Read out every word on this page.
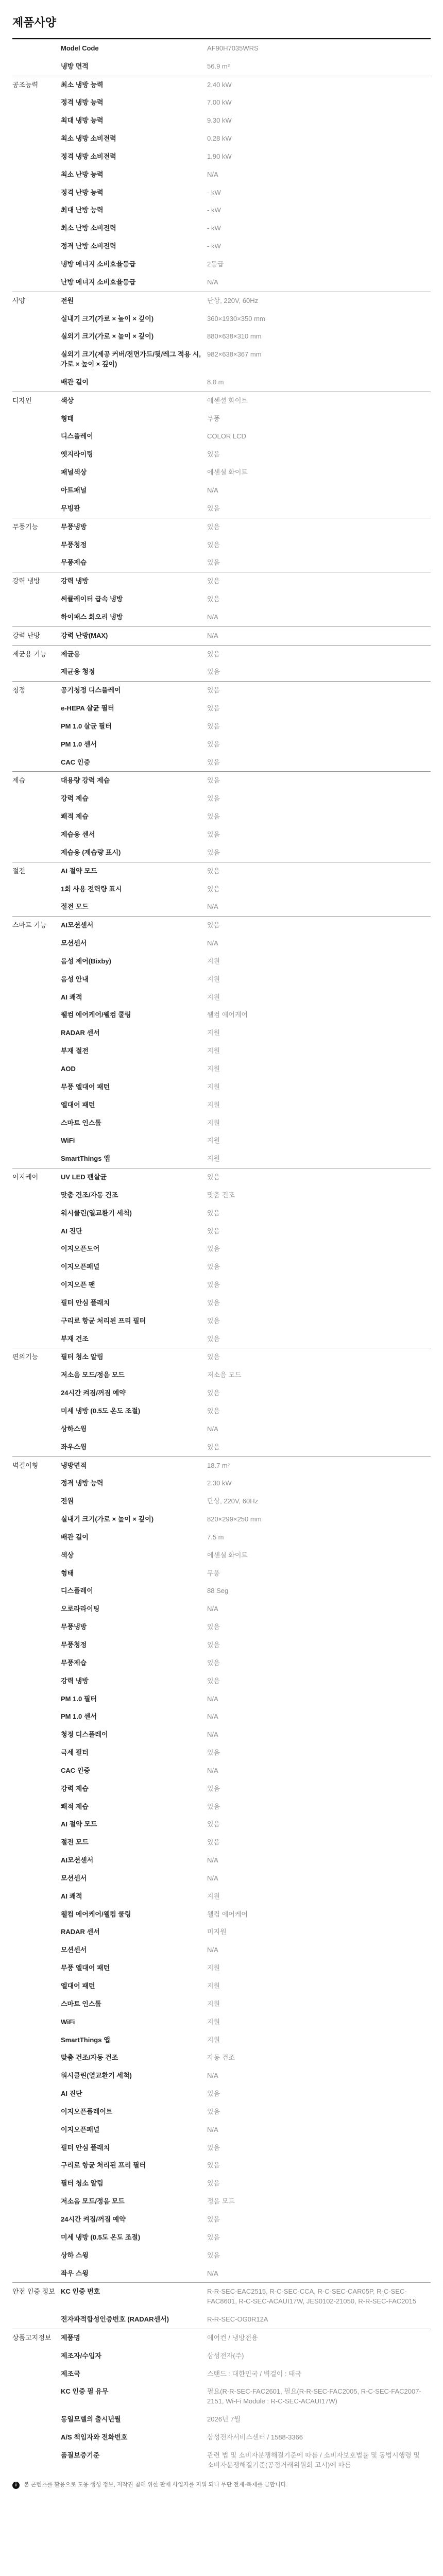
제품사양
	Model Code	AF90H7035WRS

	냉방 면적	56.9 m²

공조능력	최소 냉방 능력	2.40 kW

	정격 냉방 능력	7.00 kW

	최대 냉방 능력	9.30 kW

	최소 냉방 소비전력	0.28 kW

	정격 냉방 소비전력	1.90 kW

	최소 난방 능력	N/A

	정격 난방 능력	- kW

	최대 난방 능력	- kW

	최소 난방 소비전력	- kW

	정격 난방 소비전력	- kW

	냉방 에너지 소비효율등급	2등급

	난방 에너지 소비효율등급	N/A

사양	전원	단상, 220V, 60Hz

	실내기 크기(가로 × 높이 × 깊이)	360×1930×350 mm

	실외기 크기(가로 × 높이 × 깊이)	880×638×310 mm

	실외기 크기(제공 커버/전면가드/뒷/레그 적용 시, 가로 × 높이 × 깊이)	982×638×367 mm

	배관 길이	8.0 m

디자인	색상	에센셜 화이트

	형태	무풍

	디스플레이	COLOR LCD

	엣지라이팅	있음

	패널색상	에센셜 화이트

	아트패널	N/A

	무빙판	있음

무풍기능	무풍냉방	있음

	무풍청정	있음

	무풍제습	있음

강력 냉방	강력 냉방	있음

	써큘레이터 급속 냉방	있음

	하이패스 회오리 냉방	N/A

강력 난방	강력 난방(MAX)	N/A

제균용 기능	제균용	있음

	제균용 청정	있음

청정	공기청정 디스플레이	있음

	e-HEPA 살균 필터	있음

	PM 1.0 살균 필터	있음

	PM 1.0 센서	있음

	CAC 인증	있음

제습	대용량 강력 제습	있음

	강력 제습	있음

	쾌적 제습	있음

	제습용 센서	있음

	제습용 (제습량 표시)	있음

절전	AI 절약 모드	있음

	1회 사용 전력량 표시	있음

	절전 모드	N/A

스마트 기능	AI모션센서	있음

	모션센서	N/A

	음성 제어(Bixby)	지원

	음성 안내	지원

	AI 쾌적	지원

	웰컴 에어케어/웰컴 쿨링	웰컴 에어케어

	RADAR 센서	지원

	부재 절전	지원

	AOD	지원

	무풍 엘대어 패턴	지원

	엘대어 패턴	지원

	스마트 인스톨	지원

	WiFi	지원

	SmartThings 앱	지원

이지케어	UV LED 팬살균	있음

	맞춤 건조/자동 건조	맞춤 건조

	워시클린(열교환기 세척)	있음

	AI 진단	있음

	이지오픈도어	있음

	이지오픈패널	있음

	이지오픈 팬	있음

	필터 안심 플래치	있음

	구리로 항균 처리된 프리 필터	있음

	부재 건조	있음

편의기능	필터 청소 알림	있음

	저소음 모드/정음 모드	저소음 모드

	24시간 켜짐/꺼짐 예약	있음

	미세 냉방 (0.5도 온도 조절)	있음

	상하스윙	N/A

	좌우스윙	있음

벽걸이형	냉방면적	18.7 m²

	정격 냉방 능력	2.30 kW

	전원	단상, 220V, 60Hz

	실내기 크기(가로 × 높이 × 깊이)	820×299×250 mm

	배관 길이	7.5 m

	색상	에센셜 화이트

	형태	무풍

	디스플레이	88 Seg

	오로라라이팅	N/A

	무풍냉방	있음

	무풍청정	있음

	무풍제습	있음

	강력 냉방	있음

	PM 1.0 필터	N/A

	PM 1.0 센서	N/A

	청정 디스플레이	N/A

	극세 필터	있음

	CAC 인증	N/A

	강력 제습	있음

	쾌적 제습	있음

	AI 절약 모드	있음

	절전 모드	있음

	AI모션센서	N/A

	모션센서	N/A

	AI 쾌적	지원

	웰컴 에어케어/웰컴 쿨링	웰컴 에어케어

	RADAR 센서	미지원

	모션센서	N/A

	무풍 엘대어 패턴	지원

	엘대어 패턴	지원

	스마트 인스톨	지원

	WiFi	지원

	SmartThings 앱	지원

	맞춤 건조/자동 건조	자동 건조

	워시클린(열교환기 세척)	N/A

	AI 진단	있음

	이지오픈플레이트	있음

	이지오픈패널	N/A

	필터 안심 플래치	있음

	구리로 항균 처리된 프리 필터	있음

	필터 청소 알림	있음

	저소음 모드/정음 모드	정음 모드

	24시간 켜짐/꺼짐 예약	있음

	미세 냉방 (0.5도 온도 조절)	있음

	상하 스윙	있음

	좌우 스윙	N/A

안전 인증 정보	KC 인증 번호	R-R-SEC-EAC2515, R-C-SEC-CCA, R-C-SEC-CAR05P, R-C-SEC-FAC8601, R-C-SEC-ACAUI17W, JES0102-21050, R-R-SEC-FAC2015

	전자파적합성인증번호 (RADAR센서)	R-R-SEC-OG0R12A

상품고지정보	제품명	에어컨 / 냉방전용

	제조자/수입자	삼성전자(주)

	제조국	스탠드 : 대한민국 / 벽걸이 : 태국

	KC 인증 필 유무	필요(R-R-SEC-FAC2601, 필요(R-R-SEC-FAC2005, R-C-SEC-FAC2007-2151, Wi-Fi Module : R-C-SEC-ACAUI17W)

	동일모델의 출시년월	2026년 7월

	A/S 책임자와 전화번호	삼성전자서비스센터 / 1588-3366

	품질보증기준	관련 법 및 소비자분쟁해결기준에 따름 / 소비자보호법률 및 동법시행령 및 소비자분쟁해결기준(공정거래위원회 고시)에 따름
i	본 콘텐츠를 활용으로 도용 생성 정보, 저작권 침해 위한 판매 사업자를 지워 되니 무단 전재·복제를 금합니다.
